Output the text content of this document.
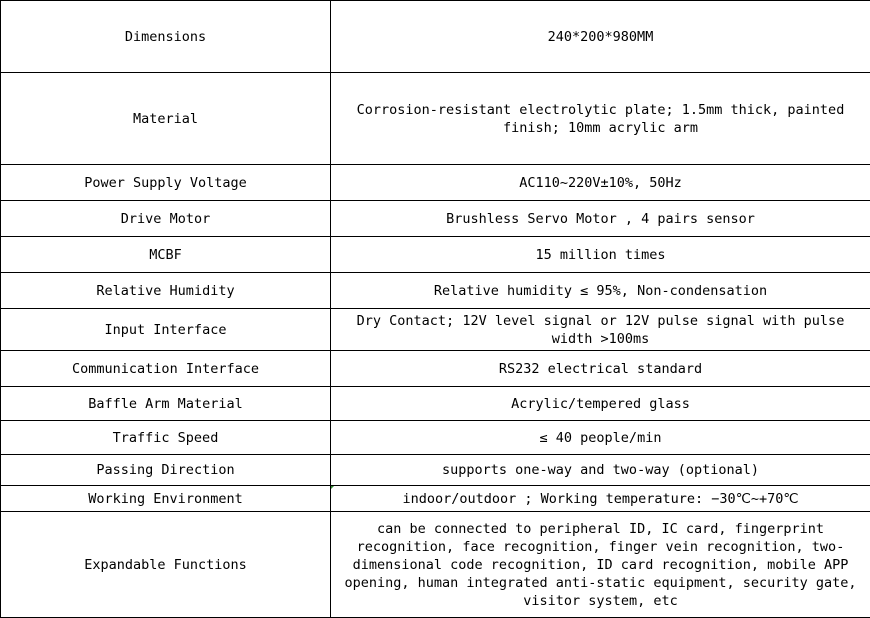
Dimensions	240*200*980MM
Material	Corrosion-resistant electrolytic plate; 1.5mm thick, painted finish; 10mm acrylic arm
Power Supply Voltage	AC110~220V±10%, 50Hz
Drive Motor	Brushless Servo Motor , 4 pairs sensor
MCBF	15 million times
Relative Humidity	Relative humidity ≤ 95%, Non-condensation
Input Interface	Dry Contact; 12V level signal or 12V pulse signal with pulse width >100ms
Communication Interface	RS232 electrical standard
Baffle Arm Material	Acrylic/tempered glass
Traffic Speed	≤ 40 people/min
Passing Direction	supports one-way and two-way (optional)
Working Environment	indoor/outdoor ; Working temperature: −30℃~+70℃
Expandable Functions	can be connected to peripheral ID, IC card, fingerprint recognition, face recognition, finger vein recognition, two-dimensional code recognition, ID card recognition, mobile APP opening, human integrated anti-static equipment, security gate, visitor system, etc
